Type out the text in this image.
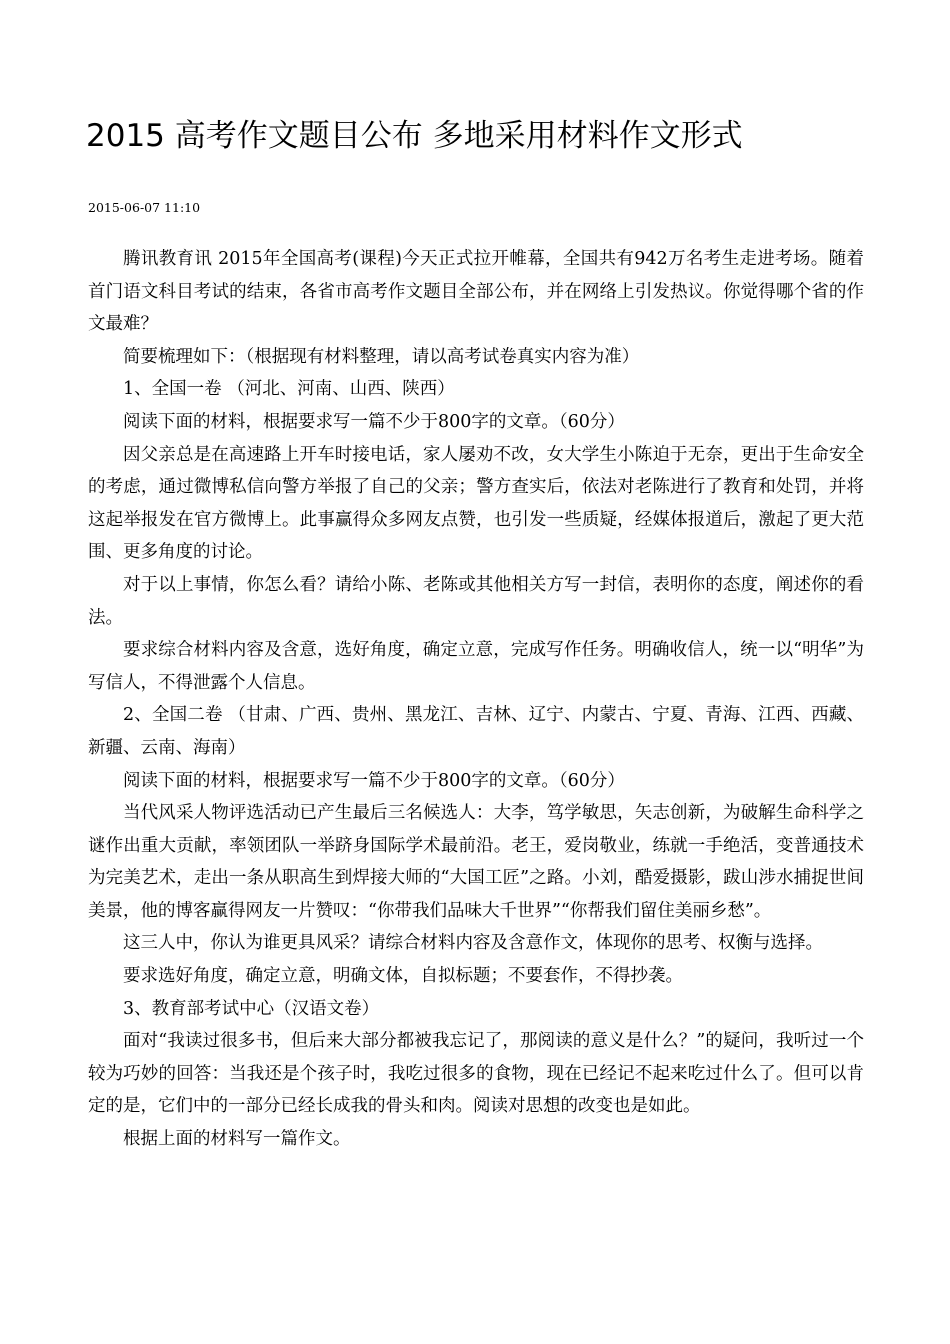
2015 高考作文题目公布 多地采用材料作文形式
2015-06-07 11:10

腾讯教育讯 2015年全国高考(课程)今天正式拉开帷幕，全国共有942万名考生走进考场。随着首门语文科目考试的结束，各省市高考作文题目全部公布，并在网络上引发热议。你觉得哪个省的作文最难？

简要梳理如下：（根据现有材料整理，请以高考试卷真实内容为准）

1、全国一卷 （河北、河南、山西、陕西）

阅读下面的材料，根据要求写一篇不少于800字的文章。（60分）

因父亲总是在高速路上开车时接电话，家人屡劝不改，女大学生小陈迫于无奈，更出于生命安全的考虑，通过微博私信向警方举报了自己的父亲；警方查实后，依法对老陈进行了教育和处罚，并将这起举报发在官方微博上。此事赢得众多网友点赞，也引发一些质疑，经媒体报道后，激起了更大范围、更多角度的讨论。

对于以上事情，你怎么看？请给小陈、老陈或其他相关方写一封信，表明你的态度，阐述你的看法。

要求综合材料内容及含意，选好角度，确定立意，完成写作任务。明确收信人，统一以“明华”为写信人，不得泄露个人信息。

2、全国二卷 （甘肃、广西、贵州、黑龙江、吉林、辽宁、内蒙古、宁夏、青海、江西、西藏、新疆、云南、海南）

阅读下面的材料，根据要求写一篇不少于800字的文章。（60分）

当代风采人物评选活动已产生最后三名候选人：大李，笃学敏思，矢志创新，为破解生命科学之谜作出重大贡献，率领团队一举跻身国际学术最前沿。老王，爱岗敬业，练就一手绝活，变普通技术为完美艺术，走出一条从职高生到焊接大师的“大国工匠”之路。小刘，酷爱摄影，跋山涉水捕捉世间美景，他的博客赢得网友一片赞叹：“你带我们品味大千世界”“你帮我们留住美丽乡愁”。

这三人中，你认为谁更具风采？请综合材料内容及含意作文，体现你的思考、权衡与选择。

要求选好角度，确定立意，明确文体，自拟标题；不要套作，不得抄袭。

3、教育部考试中心（汉语文卷）

面对“我读过很多书，但后来大部分都被我忘记了，那阅读的意义是什么？”的疑问，我听过一个较为巧妙的回答：当我还是个孩子时，我吃过很多的食物，现在已经记不起来吃过什么了。但可以肯定的是，它们中的一部分已经长成我的骨头和肉。阅读对思想的改变也是如此。

根据上面的材料写一篇作文。
